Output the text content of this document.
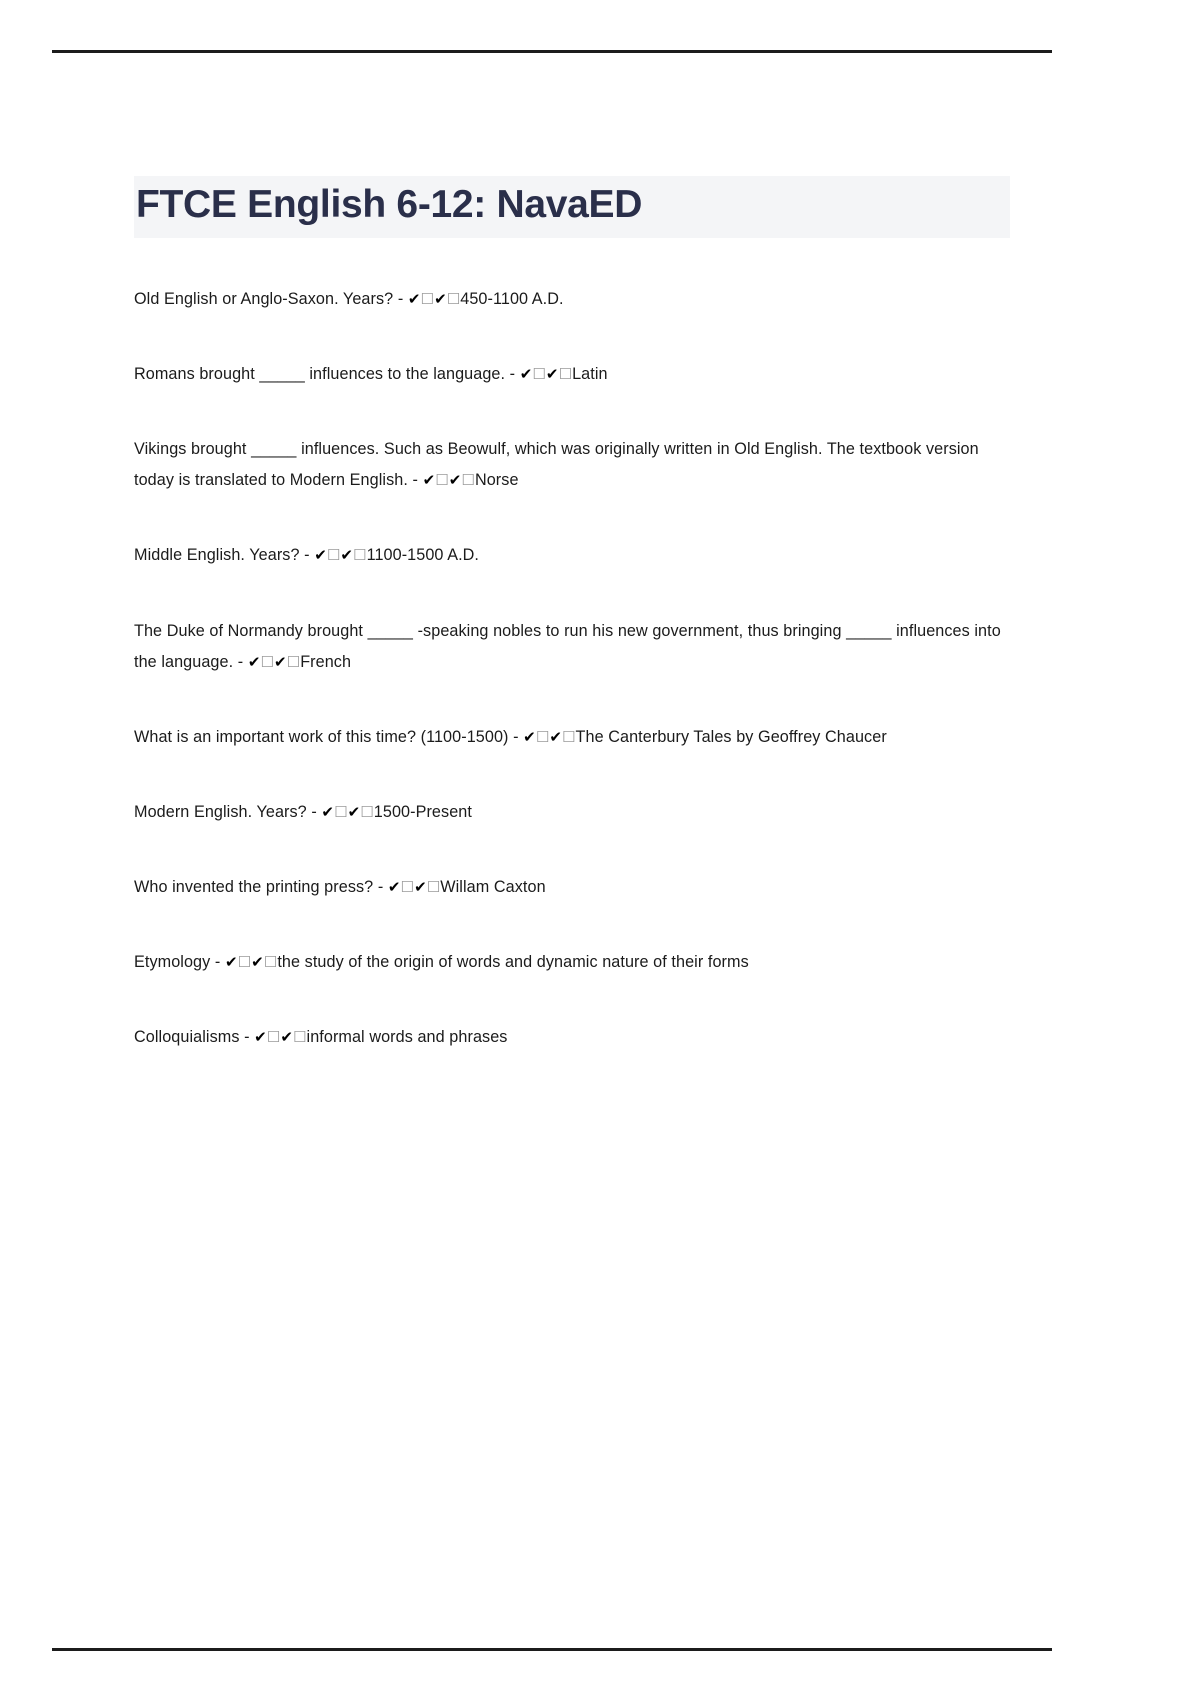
FTCE English 6-12: NavaED
Old English or Anglo-Saxon. Years? - ✔☐✔☐450-1100 A.D.
Romans brought _____ influences to the language. - ✔☐✔☐Latin
Vikings brought _____ influences. Such as Beowulf, which was originally written in Old English. The textbook version today is translated to Modern English. - ✔☐✔☐Norse
Middle English. Years? - ✔☐✔☐1100-1500 A.D.
The Duke of Normandy brought _____ -speaking nobles to run his new government, thus bringing _____ influences into the language. - ✔☐✔☐French
What is an important work of this time? (1100-1500) - ✔☐✔☐The Canterbury Tales by Geoffrey Chaucer
Modern English. Years? - ✔☐✔☐1500-Present
Who invented the printing press? - ✔☐✔☐Willam Caxton
Etymology - ✔☐✔☐the study of the origin of words and dynamic nature of their forms
Colloquialisms - ✔☐✔☐informal words and phrases
